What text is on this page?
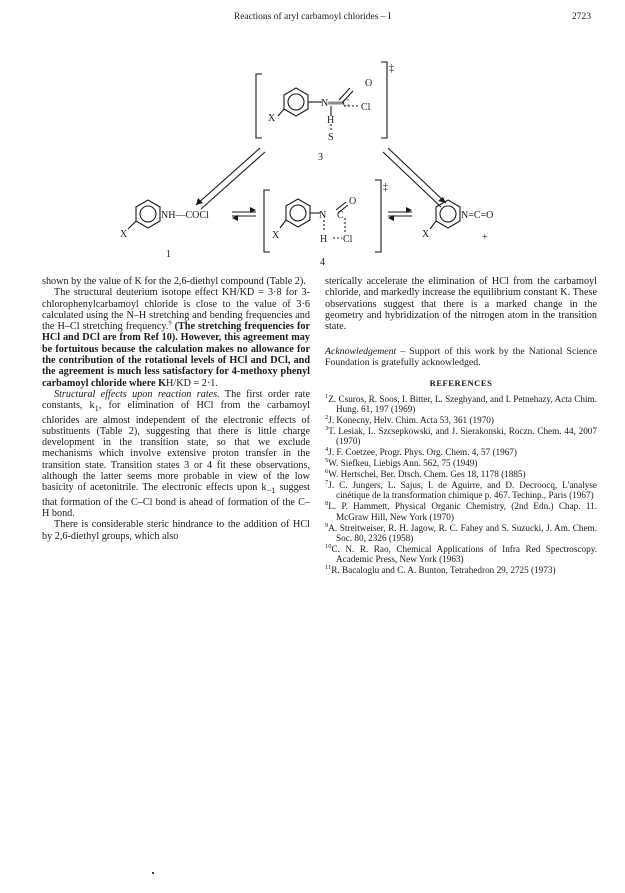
Reactions of aryl carbamoyl chlorides – I	2723
N══C
O
Cl
H
S
X
‡
3
NH—COCl
X
1
N C
O
H Cl
X
‡
4
N=C=O
X	+

shown by the value of K for the 2,6-diethyl compound (Table 2).

The structural deuterium isotope effect KH/KD = 3·8 for 3-chlorophenylcarbamoyl chloride is close to the value of 3·6 calculated using the N–H stretching and bending frequencies and the H–Cl stretching frequency.$^9$ (The stretching frequencies for HCl and DCl are from Ref 10). However, this agreement may be fortuitous because the calculation makes no allowance for the contribution of the rotational levels of HCl and DCl, and the agreement is much less satisfactory for 4-methoxy phenyl carbamoyl chloride where KH/KD = 2·1.

Structural effects upon reaction rates. The first order rate constants, $k_1$, for elimination of HCl from the carbamoyl chlorides are almost independent of the electronic effects of substituents (Table 2), suggesting that there is little charge development in the transition state, so that we exclude mechanisms which involve extensive proton transfer in the transition state. Transition states 3 or 4 fit these observations, although the latter seems more probable in view of the low basicity of acetonitrile. The electronic effects upon $k_{-1}$ suggest that formation of the C–Cl bond is ahead of formation of the C–H bond.

There is considerable steric hindrance to the addition of HCl by 2,6-diethyl groups, which also

sterically accelerate the elimination of HCl from the carbamoyl chloride, and markedly increase the equilibrium constant K. These observations suggest that there is a marked change in the geometry and hybridization of the nitrogen atom in the transition state.

Acknowledgement – Support of this work by the National Science Foundation is gratefully acknowledged.

REFERENCES
$^1$Z. Csuros, R. Soos, I. Bitter, L. Szeghyand, and I. Petnehazy, Acta Chim. Hung. 61, 197 (1969)
$^2$J. Konecny, Helv. Chim. Acta 53, 361 (1970)
$^3$T. Lesiak, L. Szcsepkowski, and J. Sierakonski, Roczn. Chem. 44, 2007 (1970)
$^4$J. F. Coetzee, Progr. Phys. Org. Chem. 4, 57 (1967)
$^5$W. Siefkeu, Liebigs Ann. 562, 75 (1949)
$^6$W. Hertschel, Ber. Dtsch. Chem. Ges 18, 1178 (1885)
$^7$J. C. Jungers, L. Sajus, I. de Aguirre, and D. Decroocq, L'analyse cinétique de la transformation chimique p. 467. Techinp., Paris (1967)
$^8$L. P. Hammett, Physical Organic Chemistry, (2nd Edn.) Chap. 11. McGraw Hill, New York (1970)
$^9$A. Streitweiser, R. H. Jagow, R. C. Fahey and S. Suzucki, J. Am. Chem. Soc. 80, 2326 (1958)
$^{10}$C. N. R. Rao, Chemical Applications of Infra Red Spectroscopy. Academic Press, New York (1963)
$^{11}$R. Bacaloglu and C. A. Bunton, Tetrahedron 29, 2725 (1973)
